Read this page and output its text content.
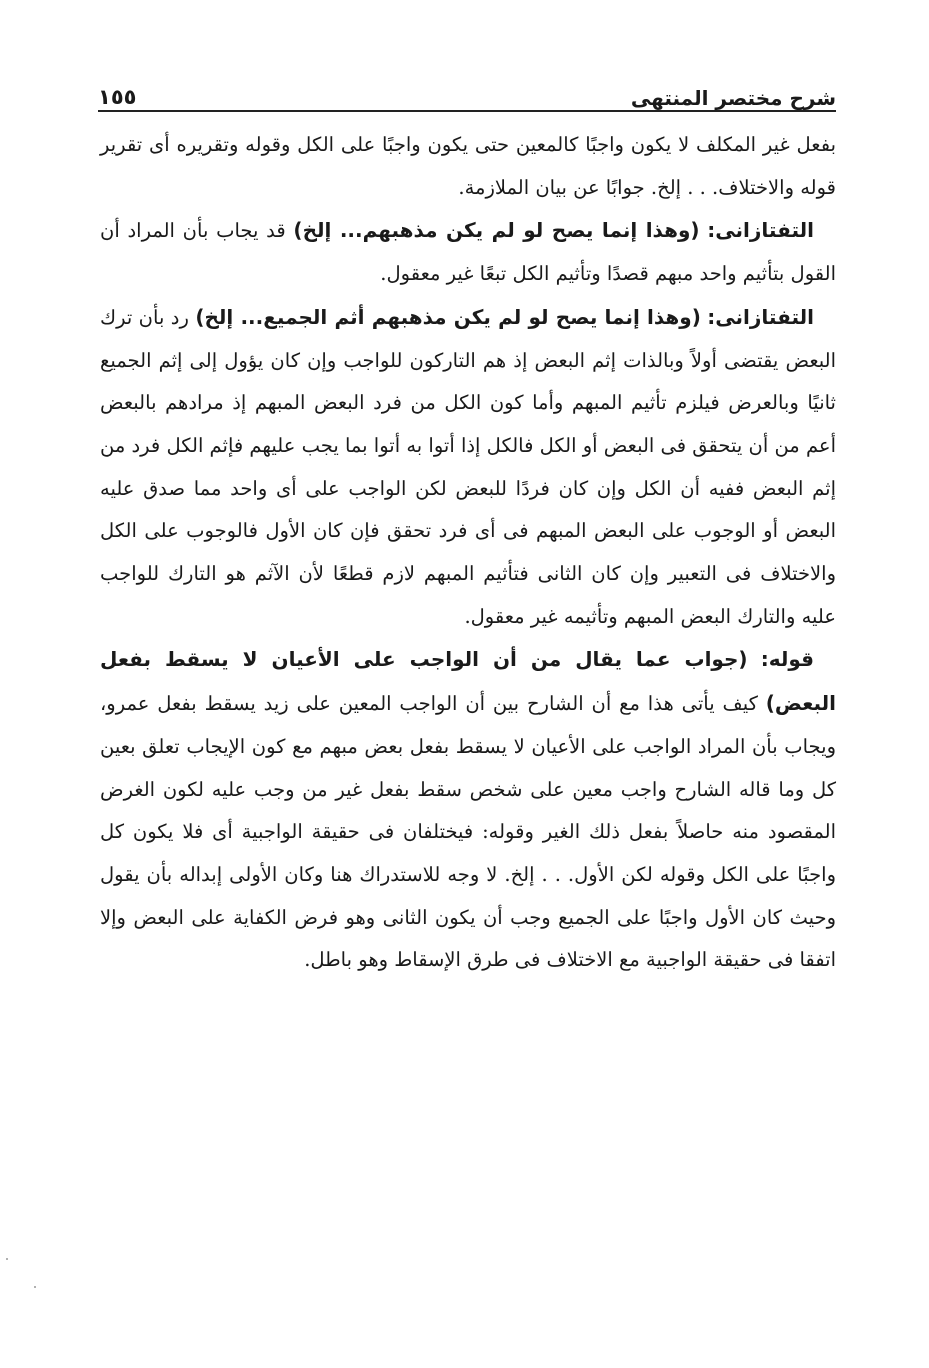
شرح مختصر المنتهى
١٥٥

بفعل غير المكلف لا يكون واجبًا كالمعين حتى يكون واجبًا على الكل وقوله وتقريره أى تقرير قوله والاختلاف. . . إلخ. جوابًا عن بيان الملازمة.

التفتازانى: (وهذا إنما يصح لو لم يكن مذهبهم... إلخ) قد يجاب بأن المراد أن القول بتأثيم واحد مبهم قصدًا وتأثيم الكل تبعًا غير معقول.

التفتازانى: (وهذا إنما يصح لو لم يكن مذهبهم أثم الجميع... إلخ) رد بأن ترك البعض يقتضى أولاً وبالذات إثم البعض إذ هم التاركون للواجب وإن كان يؤول إلى إثم الجميع ثانيًا وبالعرض فيلزم تأثيم المبهم وأما كون الكل من فرد البعض المبهم إذ مرادهم بالبعض أعم من أن يتحقق فى البعض أو الكل فالكل إذا أتوا به أتوا بما يجب عليهم فإثم الكل فرد من إثم البعض ففيه أن الكل وإن كان فردًا للبعض لكن الواجب على أى واحد مما صدق عليه البعض أو الوجوب على البعض المبهم فى أى فرد تحقق فإن كان الأول فالوجوب على الكل والاختلاف فى التعبير وإن كان الثانى فتأثيم المبهم لازم قطعًا لأن الآثم هو التارك للواجب عليه والتارك البعض المبهم وتأثيمه غير معقول.

قوله: (جواب عما يقال من أن الواجب على الأعيان لا يسقط بفعل البعض) كيف يأتى هذا مع أن الشارح بين أن الواجب المعين على زيد يسقط بفعل عمرو، ويجاب بأن المراد الواجب على الأعيان لا يسقط بفعل بعض مبهم مع كون الإيجاب تعلق بعين كل وما قاله الشارح واجب معين على شخص سقط بفعل غير من وجب عليه لكون الغرض المقصود منه حاصلاً بفعل ذلك الغير وقوله: فيختلفان فى حقيقة الواجبية أى فلا يكون كل واجبًا على الكل وقوله لكن الأول. . . إلخ. لا وجه للاستدراك هنا وكان الأولى إبداله بأن يقول وحيث كان الأول واجبًا على الجميع وجب أن يكون الثانى وهو فرض الكفاية على البعض وإلا اتفقا فى حقيقة الواجبية مع الاختلاف فى طرق الإسقاط وهو باطل.
